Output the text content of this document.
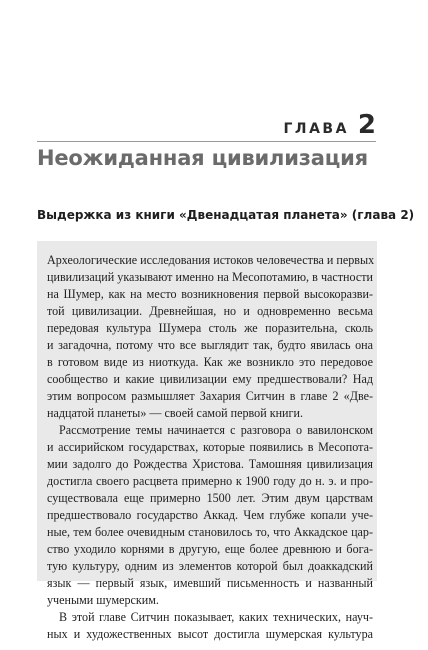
ГЛАВА 2
Неожиданная цивилизация
Выдержка из книги «Двенадцатая планета» (глава 2)
Археологические исследования истоков человечества и первых
цивилизаций указывают именно на Месопотамию, в частности
на Шумер, как на место возникновения первой высокоразви-
той цивилизации. Древнейшая, но и одновременно весьма
передовая культура Шумера столь же поразительна, сколь
и загадочна, потому что все выглядит так, будто явилась она
в готовом виде из ниоткуда. Как же возникло это передовое
сообщество и какие цивилизации ему предшествовали? Над
этим вопросом размышляет Захария Ситчин в главе 2 «Две-
надцатой планеты» — своей самой первой книги.
Рассмотрение темы начинается с разговора о вавилонском
и ассирийском государствах, которые появились в Месопота-
мии задолго до Рождества Христова. Тамошняя цивилизация
достигла своего расцвета примерно к 1900 году до н. э. и про-
существовала еще примерно 1500 лет. Этим двум царствам
предшествовало государство Аккад. Чем глубже копали уче-
ные, тем более очевидным становилось то, что Аккадское цар-
ство уходило корнями в другую, еще более древнюю и бога-
тую культуру, одним из элементов которой был доаккадский
язык — первый язык, имевший письменность и названный
учеными шумерским.
В этой главе Ситчин показывает, каких технических, науч-
ных и художественных высот достигла шумерская культура
